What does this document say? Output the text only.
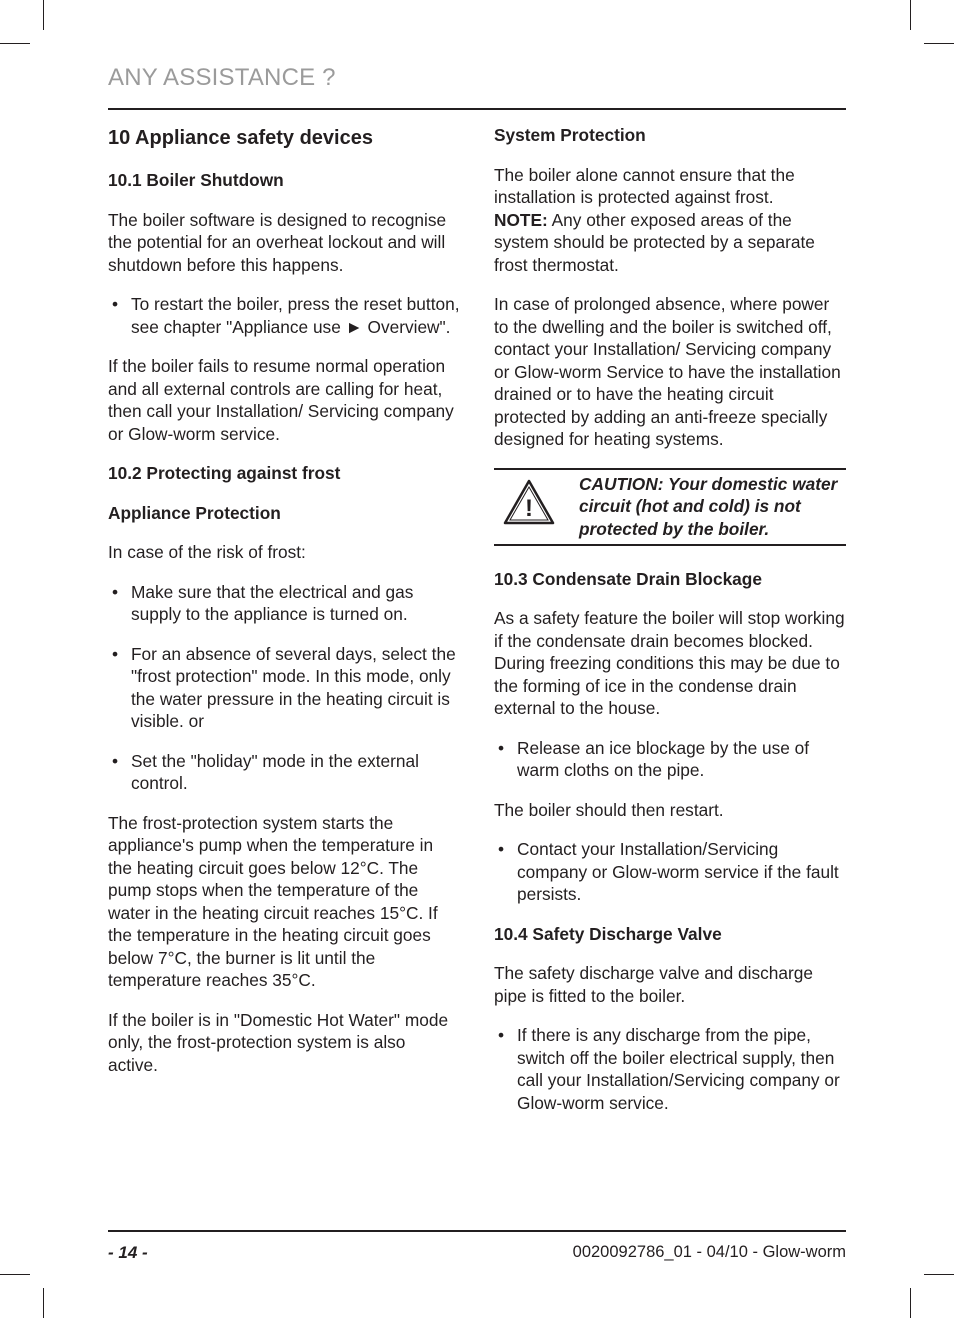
ANY ASSISTANCE ?
10 Appliance safety devices
10.1 Boiler Shutdown

The boiler software is designed to recognise the potential for an overheat lockout and will shutdown before this happens.

• To restart the boiler, press the reset button, see chapter "Appliance use ► Overview".

If the boiler fails to resume normal operation and all external controls are calling for heat, then call your Installation/ Servicing company or Glow-worm service.

10.2 Protecting against frost
Appliance Protection

In case of the risk of frost:

• Make sure that the electrical and gas supply to the appliance is turned on.
• For an absence of several days, select the "frost protection" mode. In this mode, only the water pressure in the heating circuit is visible. or
• Set the "holiday" mode in the external control.

The frost-protection system starts the appliance's pump when the temperature in the heating circuit goes below 12°C. The pump stops when the temperature of the water in the heating circuit reaches 15°C. If the temperature in the heating circuit goes below 7°C, the burner is lit until the temperature reaches 35°C.

If the boiler is in "Domestic Hot Water" mode only, the frost-protection system is also active.

System Protection

The boiler alone cannot ensure that the installation is protected against frost.
NOTE: Any other exposed areas of the system should be protected by a separate frost thermostat.

In case of prolonged absence, where power to the dwelling and the boiler is switched off, contact your Installation/ Servicing company or Glow-worm Service to have the installation drained or to have the heating circuit protected by adding an anti-freeze specially designed for heating systems.

!
CAUTION: Your domestic water circuit (hot and cold) is not protected by the boiler.
10.3 Condensate Drain Blockage

As a safety feature the boiler will stop working if the condensate drain becomes blocked. During freezing conditions this may be due to the forming of ice in the condense drain external to the house.

• Release an ice blockage by the use of warm cloths on the pipe.

The boiler should then restart.

• Contact your Installation/Servicing company or Glow-worm service if the fault persists.
10.4 Safety Discharge Valve

The safety discharge valve and discharge pipe is fitted to the boiler.

• If there is any discharge from the pipe, switch off the boiler electrical supply, then call your Installation/Servicing company or Glow-worm service.
- 14 -	0020092786_01 - 04/10 - Glow-worm
